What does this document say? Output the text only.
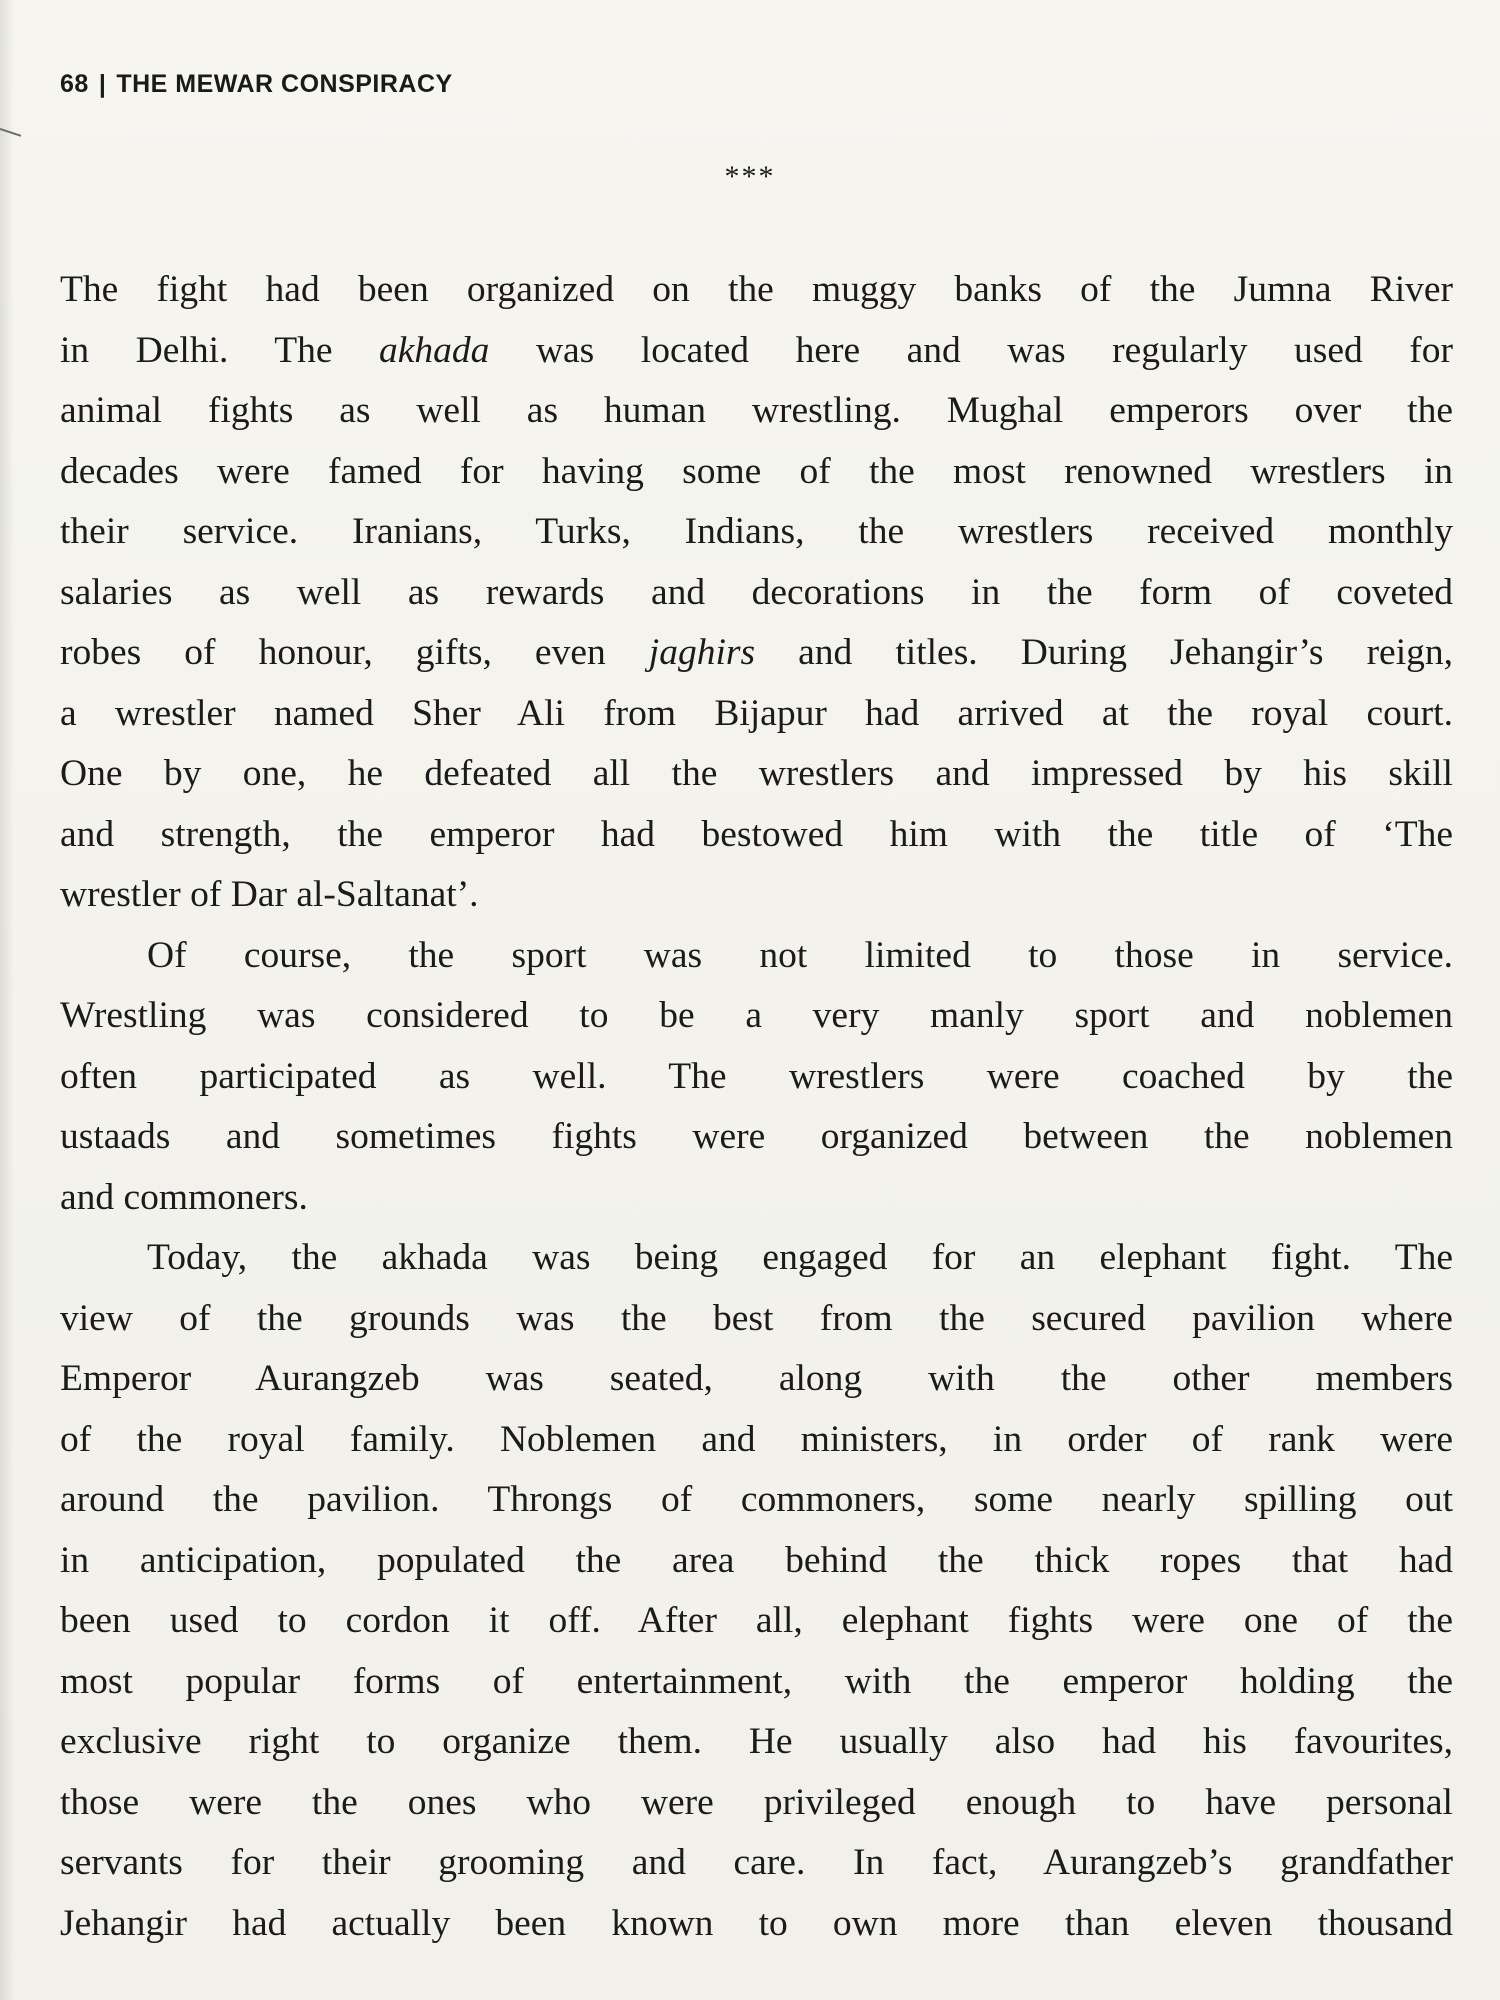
68 | THE MEWAR CONSPIRACY
***
The fight had been organized on the muggy banks of the Jumna River
in Delhi. The akhada was located here and was regularly used for
animal fights as well as human wrestling. Mughal emperors over the
decades were famed for having some of the most renowned wrestlers in
their service. Iranians, Turks, Indians, the wrestlers received monthly
salaries as well as rewards and decorations in the form of coveted
robes of honour, gifts, even jaghirs and titles. During Jehangir’s reign,
a wrestler named Sher Ali from Bijapur had arrived at the royal court.
One by one, he defeated all the wrestlers and impressed by his skill
and strength, the emperor had bestowed him with the title of ‘The
wrestler of Dar al-Saltanat’.
Of course, the sport was not limited to those in service.
Wrestling was considered to be a very manly sport and noblemen
often participated as well. The wrestlers were coached by the
ustaads and sometimes fights were organized between the noblemen
and commoners.
Today, the akhada was being engaged for an elephant fight. The
view of the grounds was the best from the secured pavilion where
Emperor Aurangzeb was seated, along with the other members
of the royal family. Noblemen and ministers, in order of rank were
around the pavilion. Throngs of commoners, some nearly spilling out
in anticipation, populated the area behind the thick ropes that had
been used to cordon it off. After all, elephant fights were one of the
most popular forms of entertainment, with the emperor holding the
exclusive right to organize them. He usually also had his favourites,
those were the ones who were privileged enough to have personal
servants for their grooming and care. In fact, Aurangzeb’s grandfather
Jehangir had actually been known to own more than eleven thousand
